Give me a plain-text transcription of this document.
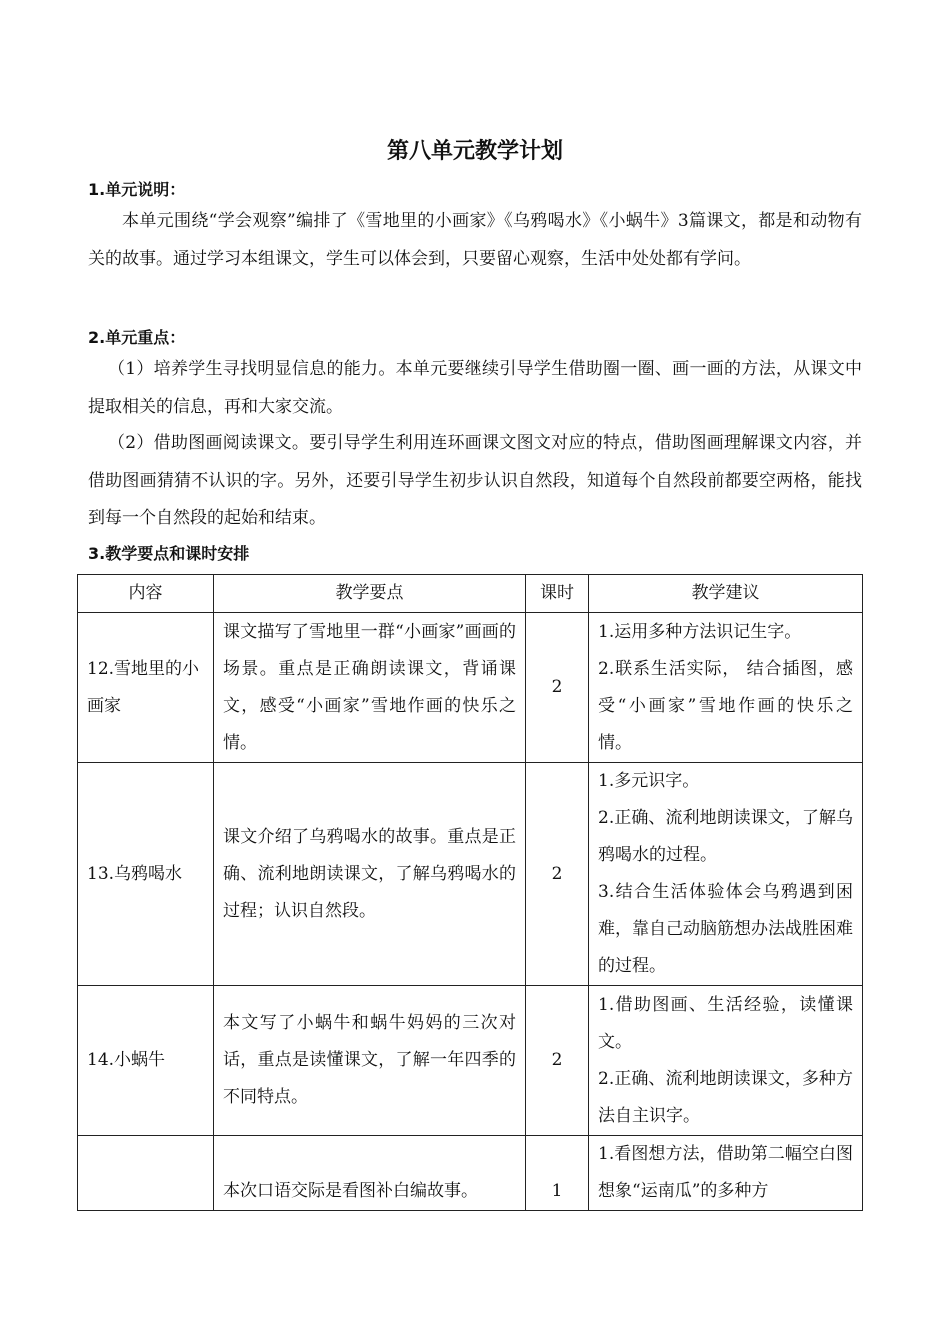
第八单元教学计划
1.单元说明：

本单元围绕“学会观察”编排了《雪地里的小画家》《乌鸦喝水》《小蜗牛》3篇课文，都是和动物有关的故事。通过学习本组课文，学生可以体会到，只要留心观察，生活中处处都有学问。

2.单元重点：

（1）培养学生寻找明显信息的能力。本单元要继续引导学生借助圈一圈、画一画的方法，从课文中提取相关的信息，再和大家交流。

（2）借助图画阅读课文。要引导学生利用连环画课文图文对应的特点，借助图画理解课文内容，并借助图画猜猜不认识的字。另外，还要引导学生初步认识自然段，知道每个自然段前都要空两格，能找到每一个自然段的起始和结束。

3.教学要点和课时安排
内容	教学要点	课时	教学建议
12.雪地里的小画家	课文描写了雪地里一群“小画家”画画的场景。重点是正确朗读课文，背诵课文，感受“小画家”雪地作画的快乐之情。	2	1.运用多种方法识记生字。
2.联系生活实际， 结合插图，感受“小画家”雪地作画的快乐之情。

13.乌鸦喝水	课文介绍了乌鸦喝水的故事。重点是正确、流利地朗读课文，了解乌鸦喝水的过程；认识自然段。	2	1.多元识字。
2.正确、流利地朗读课文，了解乌鸦喝水的过程。
3.结合生活体验体会乌鸦遇到困难，靠自己动脑筋想办法战胜困难的过程。

14.小蜗牛	本文写了小蜗牛和蜗牛妈妈的三次对话，重点是读懂课文，了解一年四季的不同特点。	2	1.借助图画、生活经验，读懂课文。
2.正确、流利地朗读课文，多种方法自主识字。

	本次口语交际是看图补白编故事。	1	1.看图想方法，借助第二幅空白图想象“运南瓜”的多种方
